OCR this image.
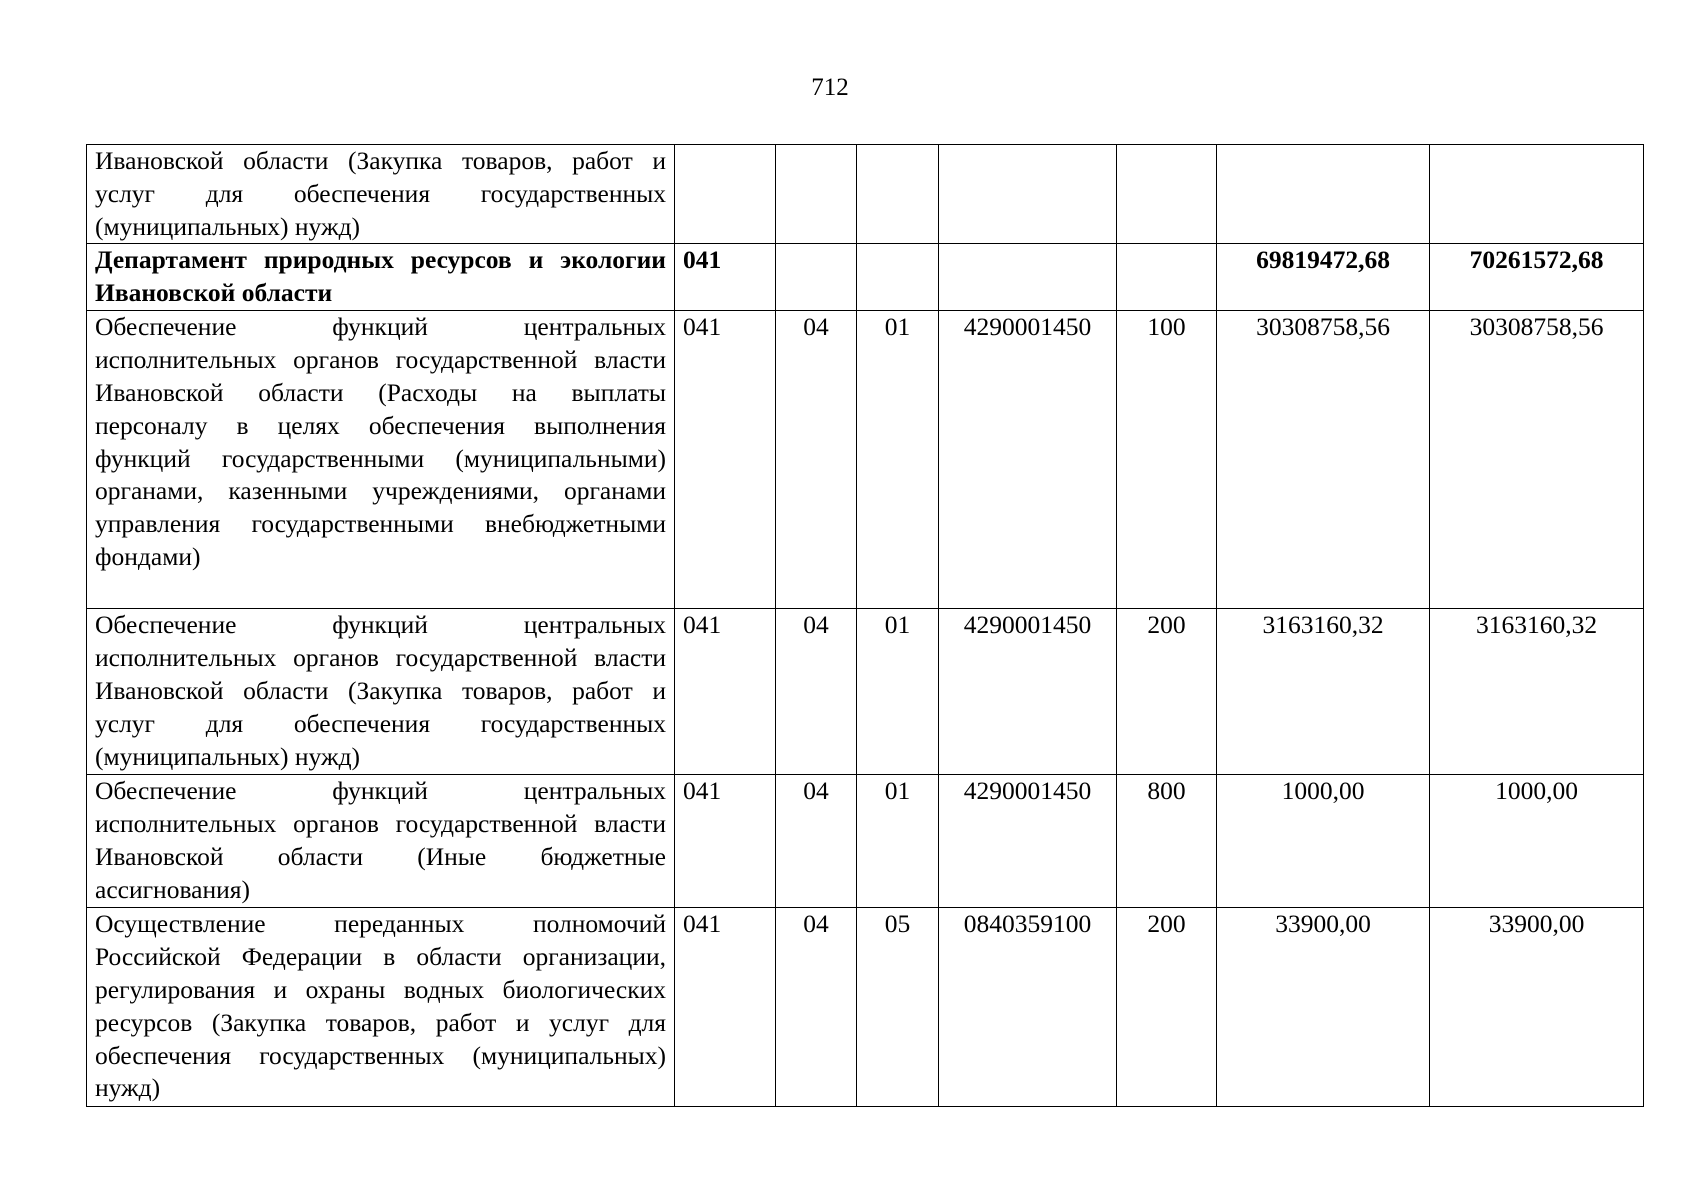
712
Ивановской области (Закупка товаров, работ и услуг для обеспечения государственных (муниципальных) нужд)							
Департамент природных ресурсов и экологии Ивановской области	041					69819472,68	70261572,68
Обеспечение функций центральных исполнительных органов государственной власти Ивановской области (Расходы на выплаты персоналу в целях обеспечения выполнения функций государственными (муниципальными) органами, казенными учреждениями, органами управления государственными внебюджетными фондами)	041	04	01	4290001450	100	30308758,56	30308758,56
Обеспечение функций центральных исполнительных органов государственной власти Ивановской области (Закупка товаров, работ и услуг для обеспечения государственных (муниципальных) нужд)	041	04	01	4290001450	200	3163160,32	3163160,32
Обеспечение функций центральных исполнительных органов государственной власти Ивановской области (Иные бюджетные ассигнования)	041	04	01	4290001450	800	1000,00	1000,00
Осуществление переданных полномочий Российской Федерации в области организации, регулирования и охраны водных биологических ресурсов (Закупка товаров, работ и услуг для обеспечения государственных (муниципальных) нужд)	041	04	05	0840359100	200	33900,00	33900,00
